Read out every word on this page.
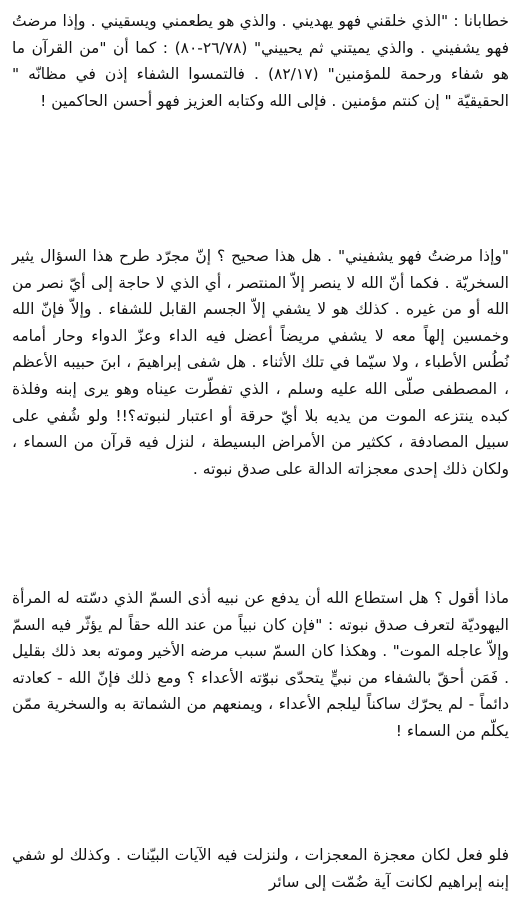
خطابانا : "الذي خلقني فهو يهديني . والذي هو يطعمني ويسقيني . وإذا مرضتُ فهو يشفيني . والذي يميتني ثم يحييني" (٢٦/٧٨-٨٠) : كما أن "من القرآن ما هو شفاء ورحمة للمؤمنين" (٨٢/١٧) . فالتمسوا الشفاء إذن في مظانّه " الحقيقيّة " إن كنتم مؤمنين . فإلى الله وكتابه العزيز فهو أحسن الحاكمين !

"وإذا مرضتُ فهو يشفيني" . هل هذا صحيح ؟ إنّ مجرّد طرح هذا السؤال يثير السخريّة . فكما أنّ الله لا ينصر إلاّ المنتصر ، أي الذي لا حاجة إلى أيّ نصر من الله أو من غيره . كذلك هو لا يشفي إلاّ الجسم القابل للشفاء . وإلاّ فإنّ الله وخمسين إلهاً معه لا يشفي مريضاً أعضل فيه الداء وعزّ الدواء وحار أمامه نُطُس الأطباء ، ولا سيّما في تلك الأثناء . هل شفى إبراهيمَ ، ابنَ حبيبه الأعظم ، المصطفى صلّى الله عليه وسلم ، الذي تفطّرت عيناه وهو يرى إبنه وفلذة كبده ينتزعه الموت من يديه بلا أيّ حرقة أو اعتبار لنبوته؟!! ولو شُفي على سبيل المصادفة ، ككثير من الأمراض البسيطة ، لنزل فيه قرآن من السماء ، ولكان ذلك إحدى معجزاته الدالة على صدق نبوته .

ماذا أقول ؟ هل استطاع الله أن يدفع عن نبيه أذى السمّ الذي دسّته له المرأة اليهوديّة لتعرف صدق نبوته : "فإن كان نبياً من عند الله حقاً لم يؤثّر فيه السمّ وإلاّ عاجله الموت" . وهكذا كان السمّ سبب مرضه الأخير وموته بعد ذلك بقليل . فَمَن أحقّ بالشفاء من نبيٍّ يتحدّى نبوّته الأعداء ؟ ومع ذلك فإنّ الله - كعادته دائماً - لم يحرّك ساكناً ليلجم الأعداء ، ويمنعهم من الشماتة به والسخرية ممّن يكلّم من السماء !

فلو فعل لكان معجزة المعجزات ، ولنزلت فيه الآيات البيّنات . وكذلك لو شفي إبنه إبراهيم لكانت آية ضُمّت إلى سائر
